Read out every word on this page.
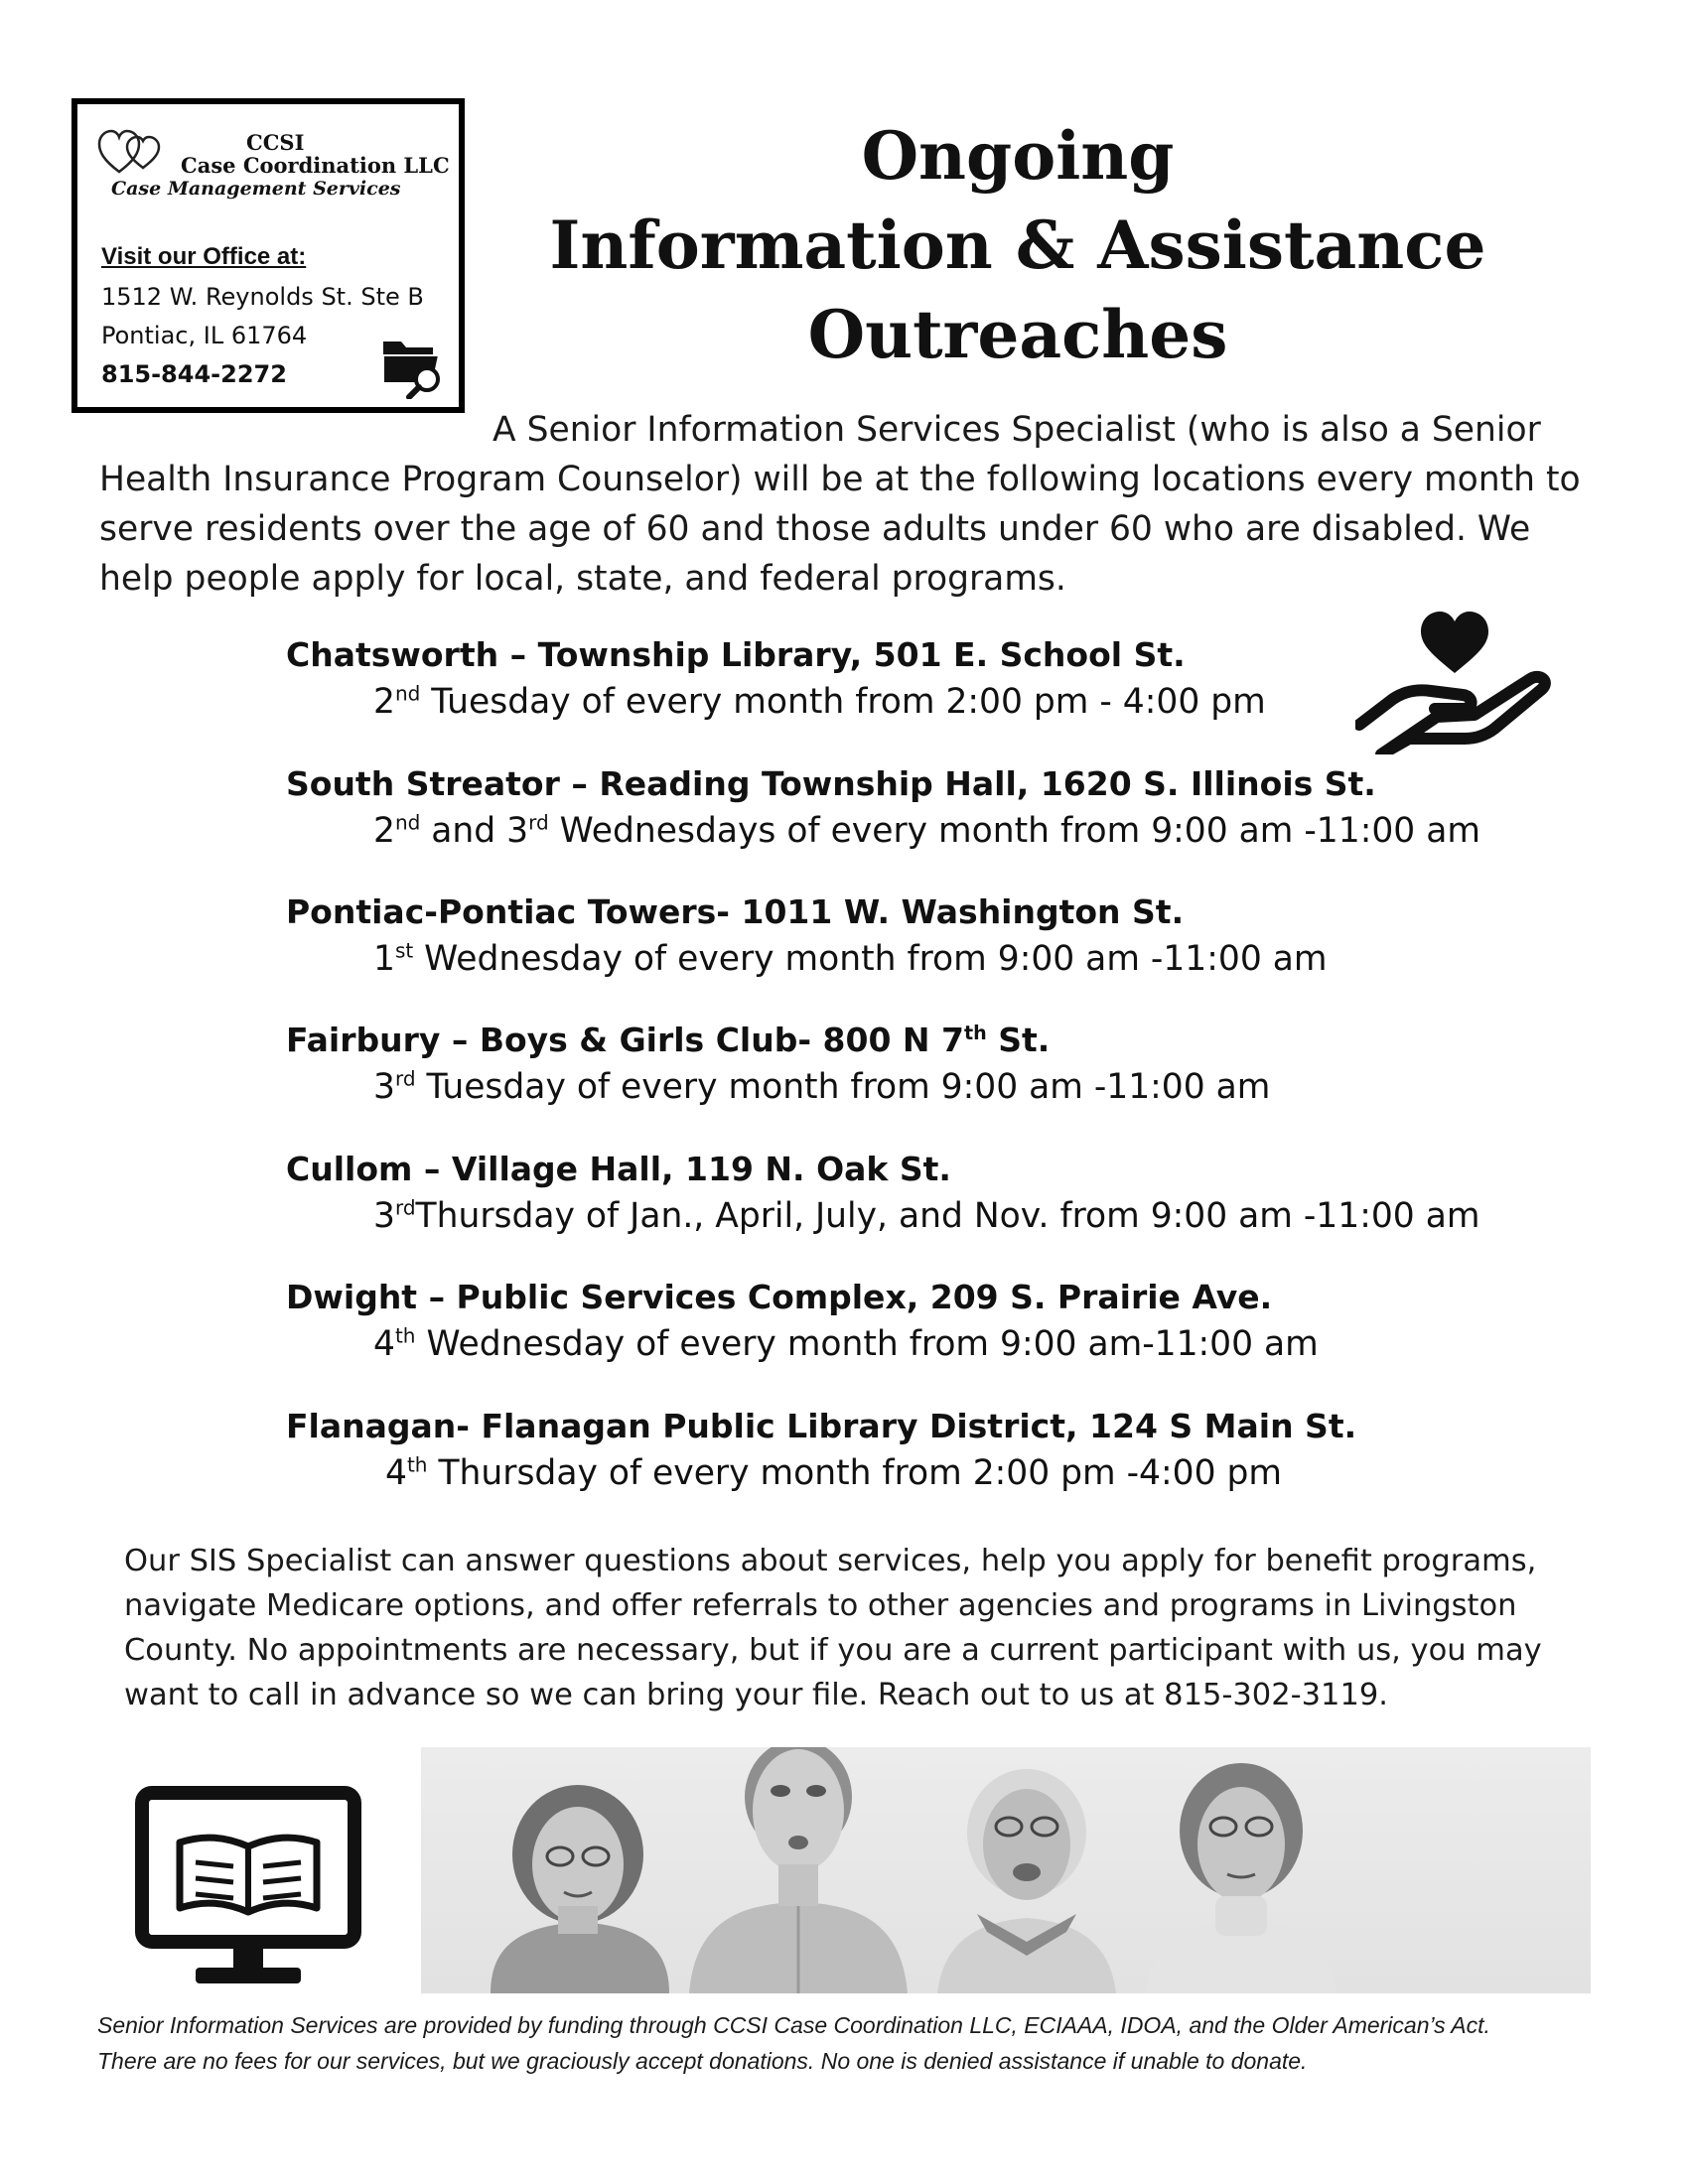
CCSI
Case Coordination LLC
Case Management Services
Visit our Office at:
1512 W. Reynolds St. Ste B
Pontiac, IL 61764
815-844-2272
Ongoing
Information & Assistance
Outreaches

A Senior Information Services Specialist (who is also a Senior Health Insurance Program Counselor) will be at the following locations every month to serve residents over the age of 60 and those adults under 60 who are disabled. We help people apply for local, state, and federal programs.

Chatsworth – Township Library, 501 E. School St.
2nd Tuesday of every month from 2:00 pm - 4:00 pm
South Streator – Reading Township Hall, 1620 S. Illinois St.
2nd and 3rd Wednesdays of every month from 9:00 am -11:00 am
Pontiac-Pontiac Towers- 1011 W. Washington St.
1st Wednesday of every month from 9:00 am -11:00 am
Fairbury – Boys & Girls Club- 800 N 7th St.
3rd Tuesday of every month from 9:00 am -11:00 am
Cullom – Village Hall, 119 N. Oak St.
3rdThursday of Jan., April, July, and Nov. from 9:00 am -11:00 am
Dwight – Public Services Complex, 209 S. Prairie Ave.
4th Wednesday of every month from 9:00 am-11:00 am
Flanagan- Flanagan Public Library District, 124 S Main St.
4th Thursday of every month from 2:00 pm -4:00 pm

Our SIS Specialist can answer questions about services, help you apply for benefit programs, navigate Medicare options, and offer referrals to other agencies and programs in Livingston County. No appointments are necessary, but if you are a current participant with us, you may want to call in advance so we can bring your file. Reach out to us at 815-302-3119.

Senior Information Services are provided by funding through CCSI Case Coordination LLC, ECIAAA, IDOA, and the Older American’s Act.
There are no fees for our services, but we graciously accept donations. No one is denied assistance if unable to donate.
